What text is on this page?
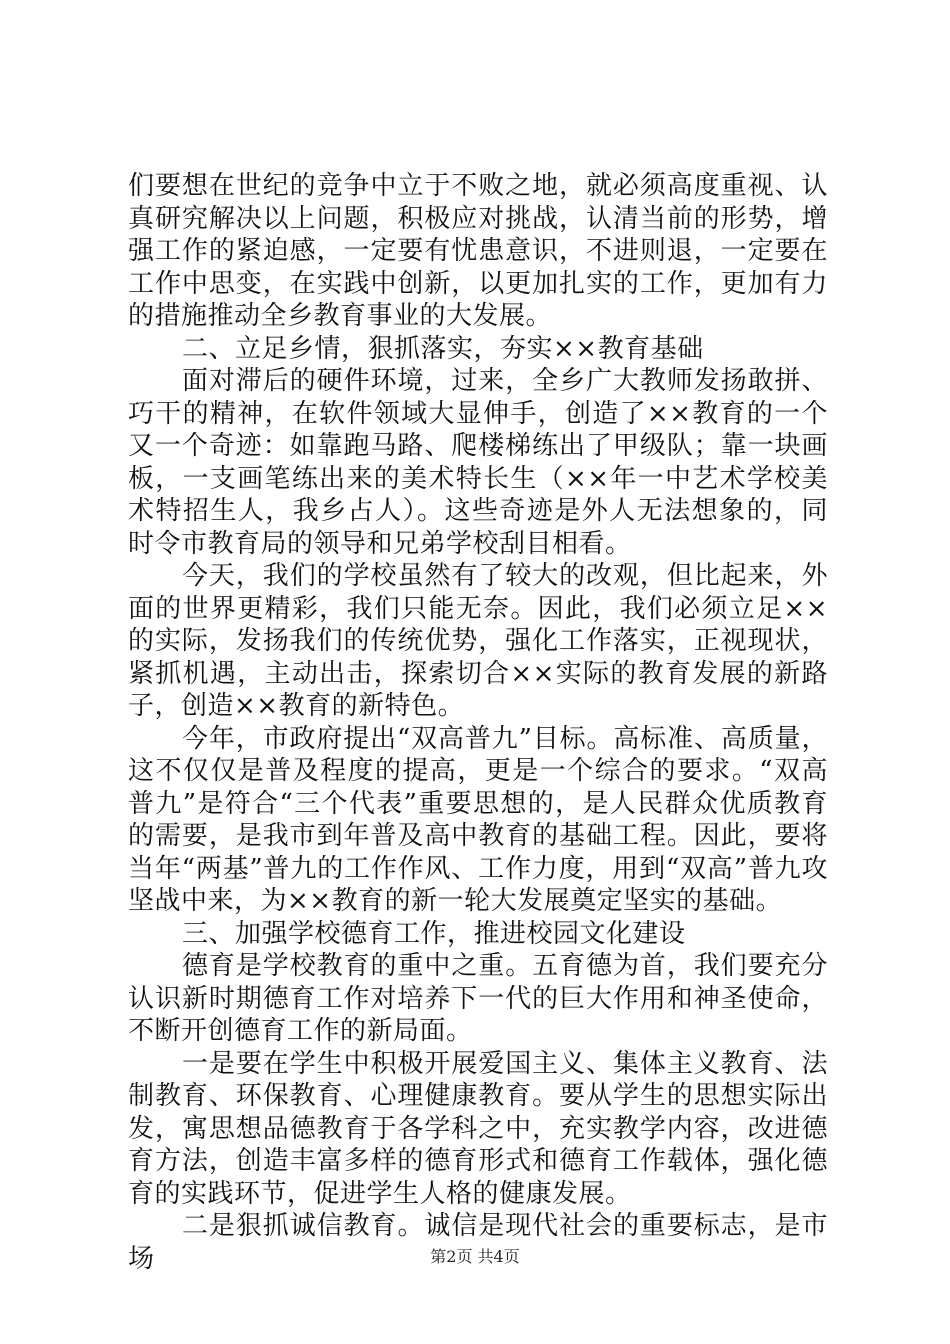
们要想在世纪的竞争中立于不败之地，就必须高度重视、认真研究解决以上问题，积极应对挑战，认清当前的形势，增强工作的紧迫感，一定要有忧患意识，不进则退，一定要在工作中思变，在实践中创新，以更加扎实的工作，更加有力的措施推动全乡教育事业的大发展。

二、立足乡情，狠抓落实，夯实××教育基础

面对滞后的硬件环境，过来，全乡广大教师发扬敢拼、巧干的精神，在软件领域大显伸手，创造了××教育的一个又一个奇迹：如靠跑马路、爬楼梯练出了甲级队；靠一块画板，一支画笔练出来的美术特长生（××年一中艺术学校美术特招生人，我乡占人）。这些奇迹是外人无法想象的，同时令市教育局的领导和兄弟学校刮目相看。

今天，我们的学校虽然有了较大的改观，但比起来，外面的世界更精彩，我们只能无奈。因此，我们必须立足××的实际，发扬我们的传统优势，强化工作落实，正视现状，紧抓机遇，主动出击，探索切合××实际的教育发展的新路子，创造××教育的新特色。

今年，市政府提出“双高普九”目标。高标准、高质量，这不仅仅是普及程度的提高，更是一个综合的要求。“双高普九”是符合“三个代表”重要思想的，是人民群众优质教育的需要，是我市到年普及高中教育的基础工程。因此，要将当年“两基”普九的工作作风、工作力度，用到“双高”普九攻坚战中来，为××教育的新一轮大发展奠定坚实的基础。

三、加强学校德育工作，推进校园文化建设

德育是学校教育的重中之重。五育德为首，我们要充分认识新时期德育工作对培养下一代的巨大作用和神圣使命，不断开创德育工作的新局面。

一是要在学生中积极开展爱国主义、集体主义教育、法制教育、环保教育、心理健康教育。要从学生的思想实际出发，寓思想品德教育于各学科之中，充实教学内容，改进德育方法，创造丰富多样的德育形式和德育工作载体，强化德育的实践环节，促进学生人格的健康发展。

二是狠抓诚信教育。诚信是现代社会的重要标志，是市场	第2页 共4页
